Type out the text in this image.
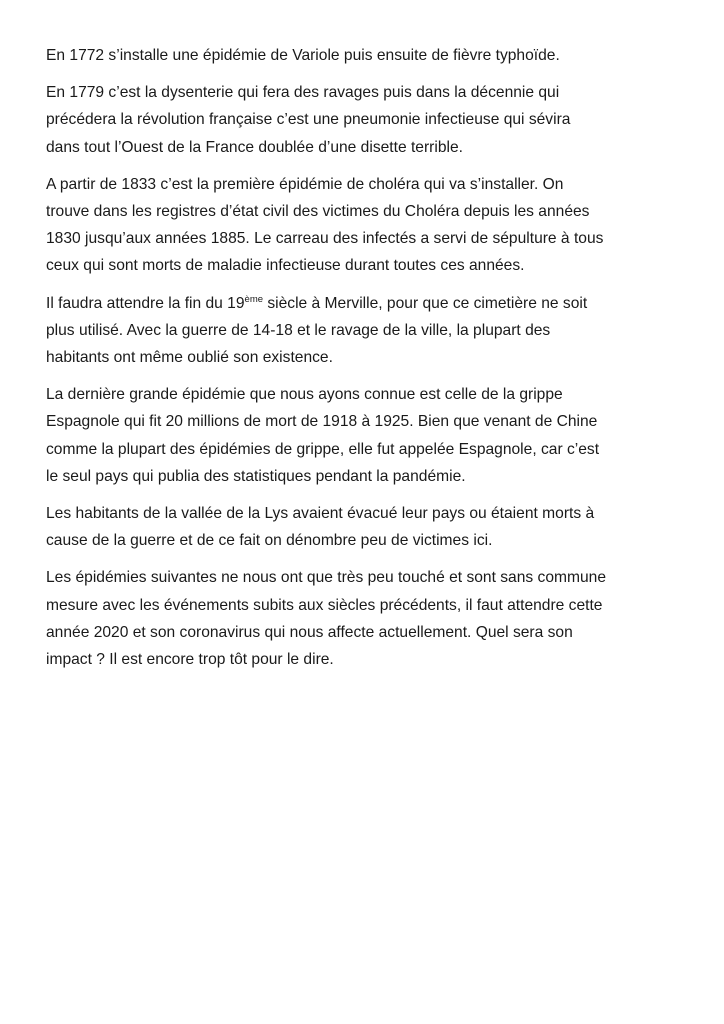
En 1772 s’installe une épidémie de Variole puis ensuite de fièvre typhoïde.

En 1779 c’est la dysenterie qui fera des ravages puis dans la décennie qui
précédera la révolution française c’est une pneumonie infectieuse qui sévira
dans tout l’Ouest de la France doublée d’une disette terrible.

A partir de 1833 c’est la première épidémie de choléra qui va s’installer. On
trouve dans les registres d’état civil des victimes du Choléra depuis les années
1830 jusqu’aux années 1885. Le carreau des infectés a servi de sépulture à tous
ceux qui sont morts de maladie infectieuse durant toutes ces années.

Il faudra attendre la fin du 19ème siècle à Merville, pour que ce cimetière ne soit
plus utilisé. Avec la guerre de 14-18 et le ravage de la ville, la plupart des
habitants ont même oublié son existence.

La dernière grande épidémie que nous ayons connue est celle de la grippe
Espagnole qui fit 20 millions de mort de 1918 à 1925. Bien que venant de Chine
comme la plupart des épidémies de grippe, elle fut appelée Espagnole, car c’est
le seul pays qui publia des statistiques pendant la pandémie.

Les habitants de la vallée de la Lys avaient évacué leur pays ou étaient morts à
cause de la guerre et de ce fait on dénombre peu de victimes ici.

Les épidémies suivantes ne nous ont que très peu touché et sont sans commune
mesure avec les événements subits aux siècles précédents, il faut attendre cette
année 2020 et son coronavirus qui nous affecte actuellement. Quel sera son
impact ? Il est encore trop tôt pour le dire.
